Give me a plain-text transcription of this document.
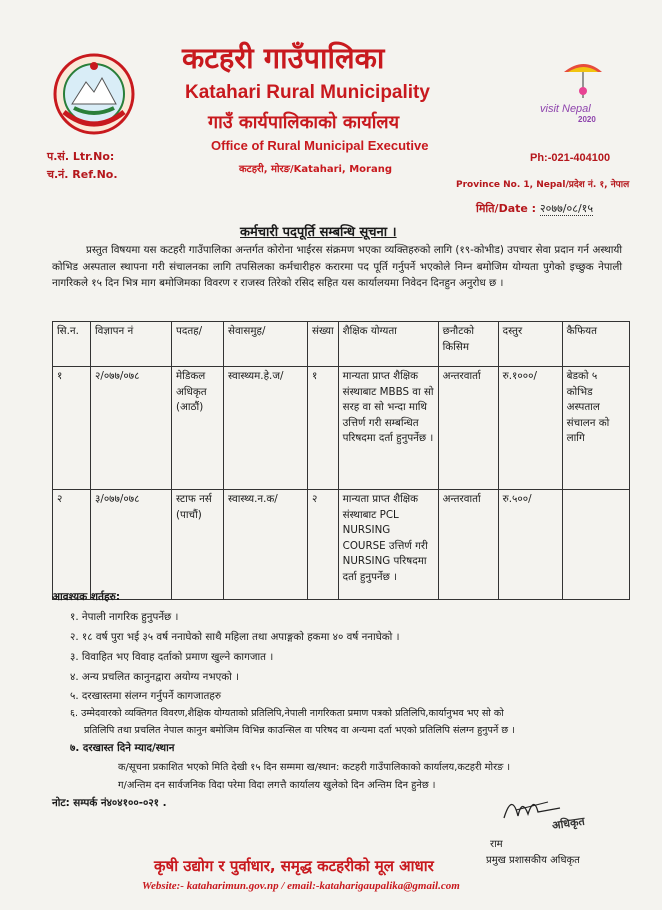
कटहरी गाउँपालिका
Katahari Rural Municipality
गाउँ कार्यपालिकाको कार्यालय
Office of Rural Municipal Executive
कटहरी, मोरङ/Katahari, Morang
visit Nepal
2020
प.सं. Ltr.No:
च.नं. Ref.No.
Ph:-021-404100
Province No. 1, Nepal/प्रदेश नं. १, नेपाल
मिति/Date : २०७७/०८/१५
कर्मचारी पदपूर्ति सम्बन्धि सूचना ।
प्रस्तुत विषयमा यस कटहरी गाउँपालिका अन्तर्गत कोरोना भाईरस संक्रमण भएका व्यक्तिहरुको लागि (१९-कोभीड) उपचार सेवा प्रदान गर्न अस्थायी कोभिड अस्पताल स्थापना गरी संचालनका लागि तपसिलका कर्मचारीहरु करारमा पद पूर्ति गर्नुपर्ने भएकोले निम्न बमोजिम योग्यता पुगेको इच्छुक नेपाली नागरिकले १५ दिन भित्र माग बमोजिमका विवरण र राजस्व तिरेको रसिद सहित यस कार्यालयमा निवेदन दिनहुन अनुरोध छ ।
सि.न.	विज्ञापन नं	पदतह/	सेवासमुह/	संख्या	शैक्षिक योग्यता	छनौटको किसिम	दस्तुर	कैफियत
१	२/०७७/०७८	मेडिकल अधिकृत (आठौं)	स्वास्थ्यम.हे.ज/	१	मान्यता प्राप्त शैक्षिक संस्थाबाट MBBS वा सो सरह वा सो भन्दा माथि उत्तिर्ण गरी सम्बन्धित परिषदमा दर्ता हुनुपर्नेछ ।	अन्तरवार्ता	रु.१०००/	बेडको ५ कोभिड अस्पताल संचालन को लागि
२	३/०७७/०७८	स्टाफ नर्स (पाचौं)	स्वास्थ्य.न.क/	२	मान्यता प्राप्त शैक्षिक संस्थाबाट PCL NURSING COURSE उत्तिर्ण गरी NURSING परिषदमा दर्ता हुनुपर्नेछ ।	अन्तरवार्ता	रु.५००/	
आवश्यक शर्तहरु:
१. नेपाली नागरिक हुनुपर्नेछ ।
२. १८ वर्ष पुरा भई ३५ वर्ष ननाघेको साथै महिला तथा अपाङ्गको हकमा ४० वर्ष ननाघेको ।
३. विवाहित भए विवाह दर्ताको प्रमाण खुल्ने कागजात ।
४. अन्य प्रचलित कानुनद्वारा अयोग्य नभएको ।
५. दरखास्तमा संलग्न गर्नुपर्ने कागजातहरु
६. उम्मेदवारको व्यक्तिगत विवरण,शैक्षिक योग्यताको प्रतिलिपि,नेपाली नागरिकता प्रमाण पत्रको प्रतिलिपि,कार्यानुभव भए सो को
प्रतिलिपि तथा प्रचलित नेपाल कानुन बमोजिम विभिन्न काउन्सिल वा परिषद वा अन्यमा दर्ता भएको प्रतिलिपि संलग्न हुनुपर्ने छ ।
७. दरखास्त दिने म्याद/स्थान
क/सूचना प्रकाशित भएको मिति देखी १५ दिन सम्ममा ख/स्थान: कटहरी गाउँपालिकाको कार्यालय,कटहरी मोरङ ।
ग/अन्तिम दन सार्वजनिक विदा परेमा विदा लगत्तै कार्यालय खुलेको दिन अन्तिम दिन हुनेछ ।
नोट: सम्पर्क नं४०४१००-०२१ .
अधिकृत
राम
प्रमुख प्रशासकीय अधिकृत
कृषी उद्योग र पुर्वाधार, समृद्ध कटहरीको मूल आधार
Website:- kataharimun.gov.np / email:-kataharigaupalika@gmail.com
